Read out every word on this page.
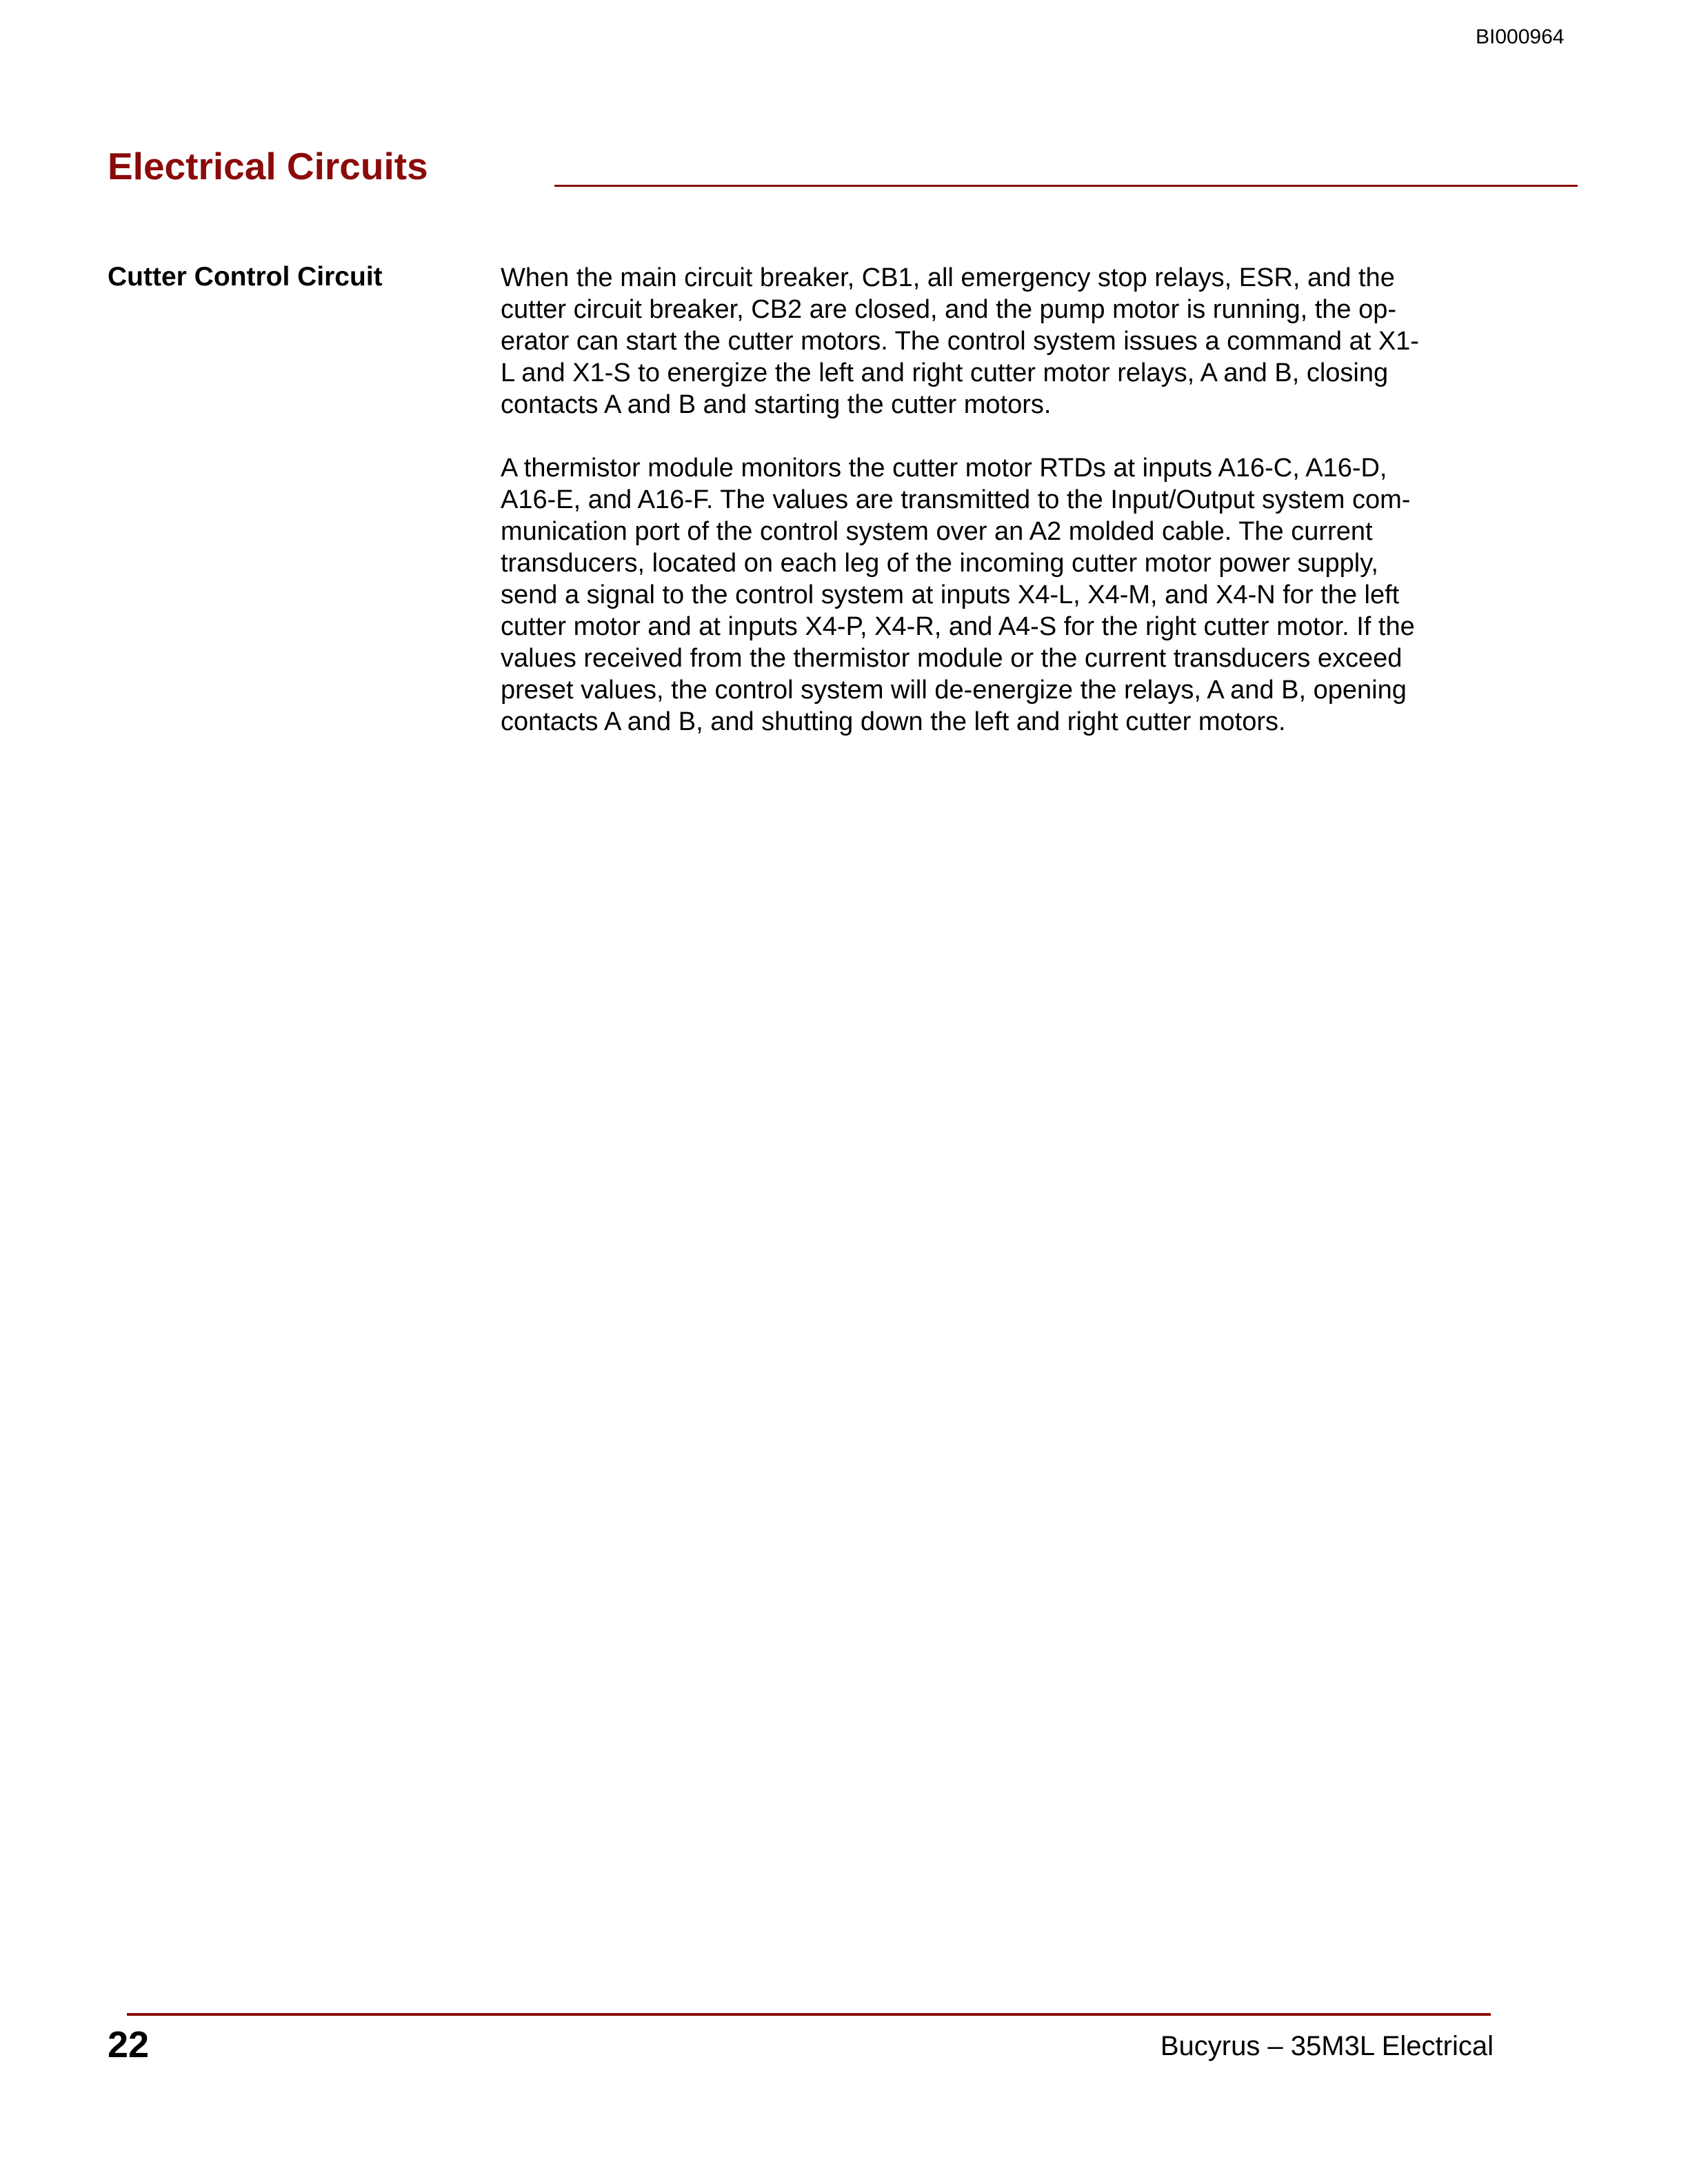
BI000964
Electrical Circuits
Cutter Control Circuit	When the main circuit breaker, CB1, all emergency stop relays, ESR, and the
cutter circuit breaker, CB2 are closed, and the pump motor is running, the op-
erator can start the cutter motors. The control system issues a command at X1-
L and X1-S to energize the left and right cutter motor relays, A and B, closing
contacts A and B and starting the cutter motors.

A thermistor module monitors the cutter motor RTDs at inputs A16-C, A16-D,
A16-E, and A16-F. The values are transmitted to the Input/Output system com-
munication port of the control system over an A2 molded cable. The current
transducers, located on each leg of the incoming cutter motor power supply,
send a signal to the control system at inputs X4-L, X4-M, and X4-N for the left
cutter motor and at inputs X4-P, X4-R, and A4-S for the right cutter motor. If the
values received from the thermistor module or the current transducers exceed
preset values, the control system will de-energize the relays, A and B, opening
contacts A and B, and shutting down the left and right cutter motors.

22	Bucyrus – 35M3L Electrical
